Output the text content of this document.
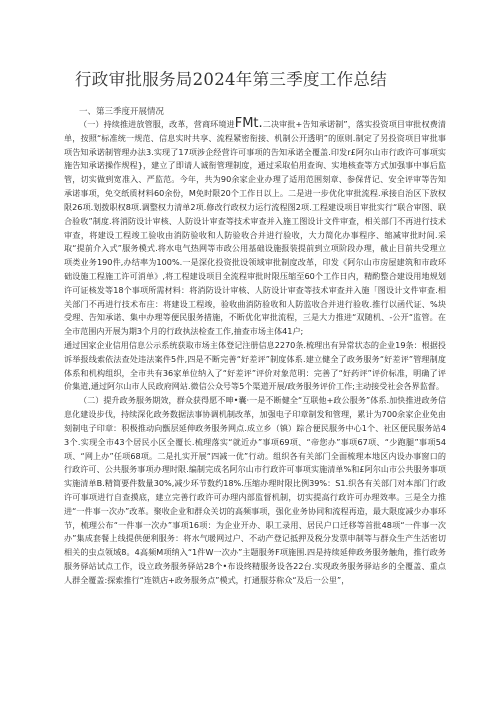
行政审批服务局2024年第三季度工作总结
一、第三季度开展情况

（一）持续推进放管服，改革，营商环境进FMt.二决审批+告知承诺制”，落实投资项目审批权费清单，按照“标准统一规范、信息实时共享、流程紧密衔接、机制公开透明”的原则.制定了另投资项目审批事项告知承诺制管理办法3.实现了17项涉企经营许可事项的告知承诺全覆盖.印发r£阿尔山市行政许可事项实施告知承诺操作规程}，建立了即请人诚衔管理制度，通过采取伯用查询、实地核查等方式加强事中事后监管，切实做到宽准入、严监范。今年，共为90余家企业办理了适用范围刻章、参保背记、安全评审等告知承诺事项，免交纸质材料60余份，M免时限20个工作日以上。二是进一步优化审批流程.承接自治区下放权限26项.划拨职权8项.调整权力清单2项.修改行政权力运行流程图2项.工程建设项目审批实行“联合审图、联合验收”制度.将消防设计审核、人防设计审查等技术审查并入施工图设计文件审查，相关部门不再进行技术审查，将建设工程竣工验收由消防验收和人防验收合并进行验收，大力简化办事程序、缩减审批时间.采取“提前介入式”服务模式.将水电气热网等市政公用基础设施报装提前到立项阶段办理，截止目前共受理立项类业务190件,办结率为100%.一是深化投资批设领域审批制度改革，印发《阿尔山市房屋建筑和市政环础设施工程施工许可消单》,将工程建设项目全流程审批时限压缩至60个工作日内，精酌整合建设用地规划许可证核发等18个事项所需材料：将消防设计审核、人防设计审查等技术审查并入施「图设计文件审查.相关部门不再进行技术布庄：将建设工程竣，验收曲消防验收和人防监收合并进行验收.推行以函代证、%块受理、告知承诺、集中办理等便民服务措施，不断优化审批流程，三是大力推进“双随机、-公开“监管。在全市范围内开展为期3个月的行政执法检查工作,抽查市场主体41户;

通过国家企业信用信息公示系统获取市场主体登记注册信息2270条.梳理出有异常状态的企业19条：根据投诉举报线索依法查处违法案件5件,四是不断完善“好差评”制度体系.建立健全了政务服务“好差评”管理制度体系和机构组织，全市共有36家单位纳入了“好差评”评价对象范明：完善了“好药评”评价标准，明确了评价集道,通过阿尔山市人民政府网站.微信公众号等5个渠道开展/政务服务评价工作;主动接受社会各界监督。

（二）提升政务服务期效，群众获得愿不呻•囊·一是不断健全“互联他+政公服务”体系.加快推进政务信息化建设步伐，持续深化政务数据法事协调机制改革，加强电子印章制发和管理，累计为700余家企业免由刻制电子印章：积极推动向甑层延伸政务服务网点.成立乡（镇）踪合便民服务中心1个、社区便民服务站43个.实现全市43个居民小区全覆长.梳理落实“就近办”事项69项、“帝您办”事项67项、“少跑腿”事项54项、“网上办”任项68项。二是扎实开展“四减一优”行动。组织各有关部门全面梳理本地区内设办事窗口的行政许可、公共服务事项办理时限.编制完成名阿尔山市行政许可事项实施清单%和£阿尔山市公共服务事项实施清单B.精简要件数量30%,减少环节数约18%.压缩办理时限比例39%：S1.织各有关部门对本部门行政许可事项进行自查摸底，建立完善行政许可办理内部监督机制，切实提高行政许可办理效率。三是全力推进“一件事一次办”改革。聚收企业和群众关切的高频事项，强化业务协同和流程再造，最大限度减少办事环节，梳理公布“一件事一次办”事项16项：为企业开办、职工录用、居民户口迁移等首批48项“一件事一次办”集成套餐上线提供便利服务：将水气暖网过户、不动产登记抵押及税分发票申制等与群众生产生活密切相关的虫点领域8。4高频M项纳入“1件W一次办”主题服务F项施围.四是持续延伸政务服务触角，推行政务服务驿站试点工作，设立政务服务驿站28个•布设终精服务设各22台.实现政务服务驿站乡的全覆盖、重点人群全覆盖:探索推行“连锁店+政务服务点”模式，打通服芬称众“及后一公里”，
